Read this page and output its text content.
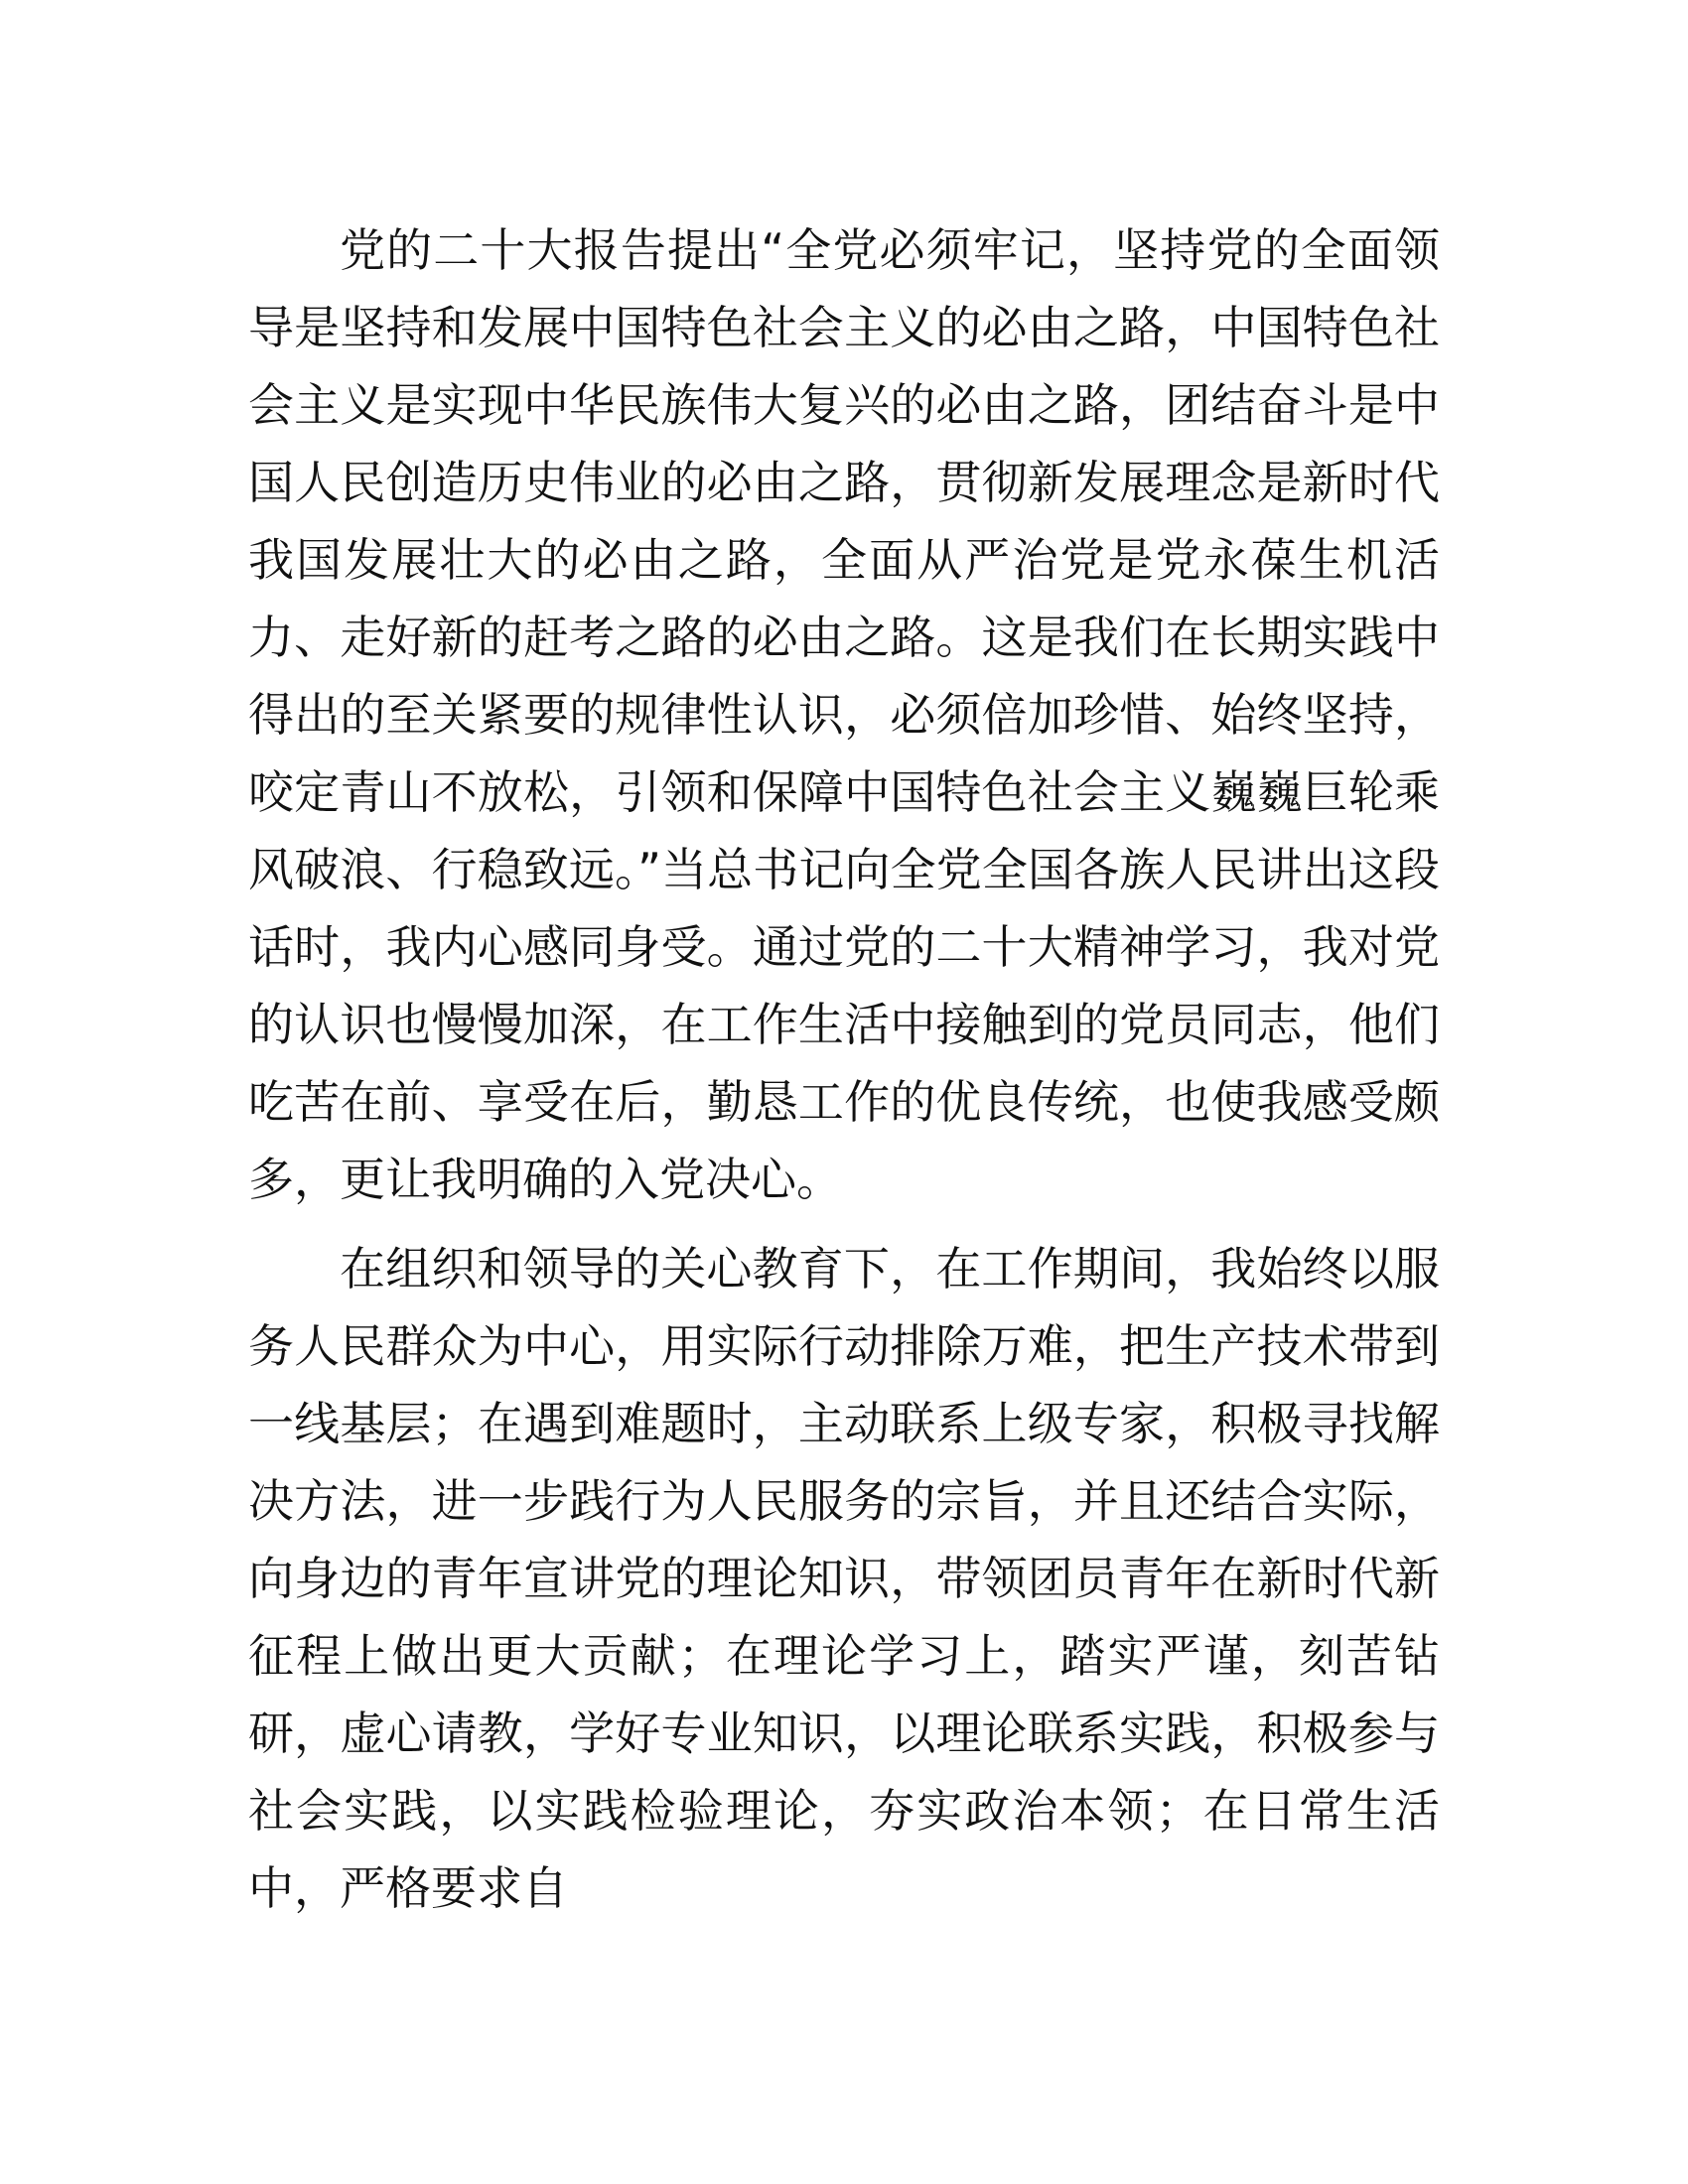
党的二十大报告提出“全党必须牢记，坚持党的全面领导是坚持和发展中国特色社会主义的必由之路，中国特色社会主义是实现中华民族伟大复兴的必由之路，团结奋斗是中国人民创造历史伟业的必由之路，贯彻新发展理念是新时代我国发展壮大的必由之路，全面从严治党是党永葆生机活力、走好新的赶考之路的必由之路。这是我们在长期实践中得出的至关紧要的规律性认识，必须倍加珍惜、始终坚持，咬定青山不放松，引领和保障中国特色社会主义巍巍巨轮乘风破浪、行稳致远。”当总书记向全党全国各族人民讲出这段话时，我内心感同身受。通过党的二十大精神学习，我对党的认识也慢慢加深，在工作生活中接触到的党员同志，他们吃苦在前、享受在后，勤恳工作的优良传统，也使我感受颇多，更让我明确的入党决心。

在组织和领导的关心教育下，在工作期间，我始终以服务人民群众为中心，用实际行动排除万难，把生产技术带到一线基层；在遇到难题时，主动联系上级专家，积极寻找解决方法，进一步践行为人民服务的宗旨，并且还结合实际，向身边的青年宣讲党的理论知识，带领团员青年在新时代新征程上做出更大贡献；在理论学习上，踏实严谨，刻苦钻研，虚心请教，学好专业知识，以理论联系实践，积极参与社会实践，以实践检验理论，夯实政治本领；在日常生活中，严格要求自
